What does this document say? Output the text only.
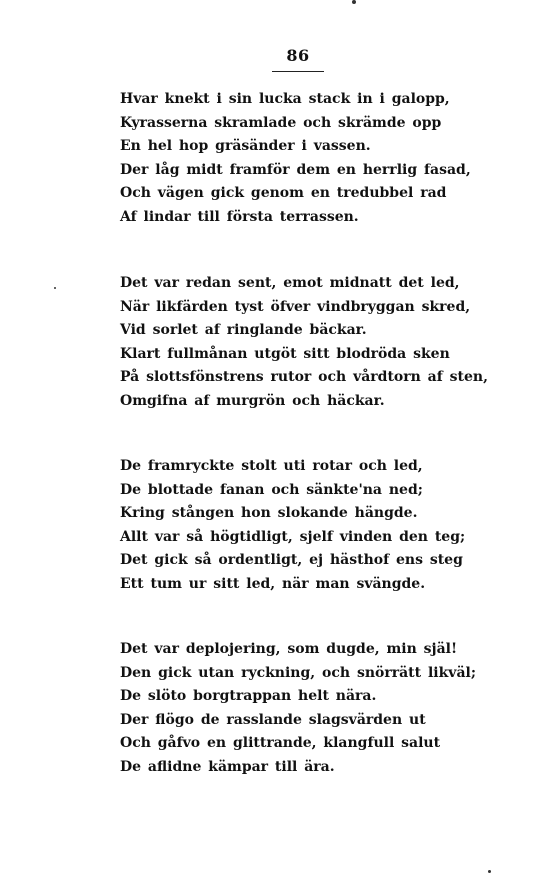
86
Hvar knekt i sin lucka stack in i galopp,
Kyrasserna skramlade och skrämde opp
En hel hop gräsänder i vassen.
Der låg midt framför dem en herrlig fasad,
Och vägen gick genom en tredubbel rad
Af lindar till första terrassen.
Det var redan sent, emot midnatt det led,
När likfärden tyst öfver vindbryggan skred,
Vid sorlet af ringlande bäckar.
Klart fullmånan utgöt sitt blodröda sken
På slottsfönstrens rutor och vårdtorn af sten,
Omgifna af murgrön och häckar.
De framryckte stolt uti rotar och led,
De blottade fanan och sänkte'na ned;
Kring stången hon slokande hängde.
Allt var så högtidligt, sjelf vinden den teg;
Det gick så ordentligt, ej hästhof ens steg
Ett tum ur sitt led, när man svängde.
Det var deplojering, som dugde, min själ!
Den gick utan ryckning, och snörrätt likväl;
De slöto borgtrappan helt nära.
Der flögo de rasslande slagsvärden ut
Och gåfvo en glittrande, klangfull salut
De aflidne kämpar till ära.
